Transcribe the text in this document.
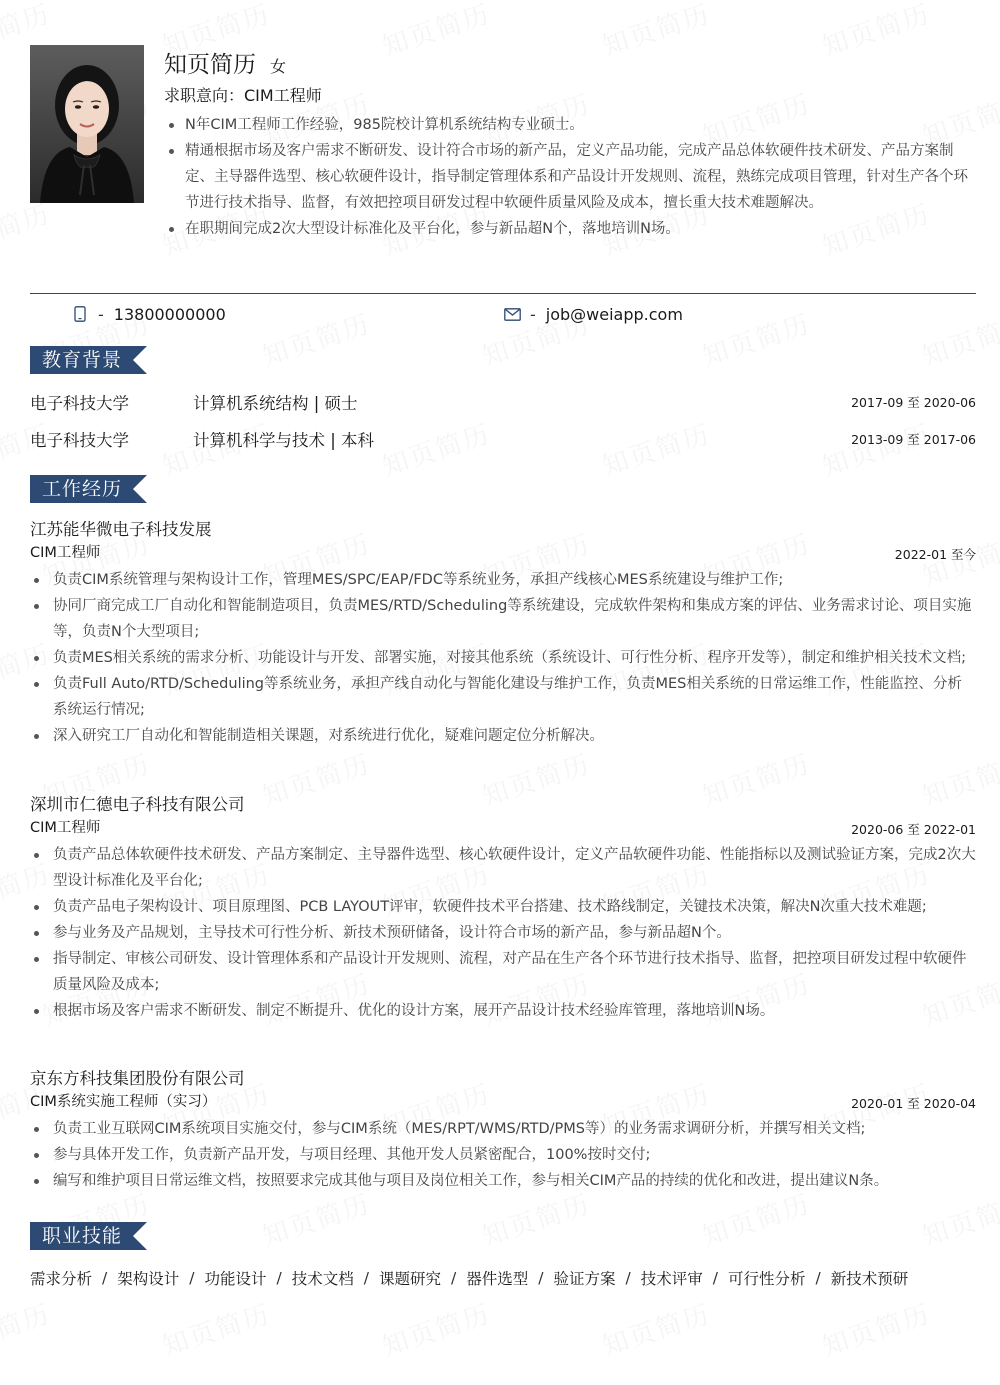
知页简历 女
求职意向：CIM工程师
N年CIM工程师工作经验，985院校计算机系统结构专业硕士。
精通根据市场及客户需求不断研发、设计符合市场的新产品，定义产品功能，完成产品总体软硬件技术研发、产品方案制定、主导器件选型、核心软硬件设计，指导制定管理体系和产品设计开发规则、流程，熟练完成项目管理，针对生产各个环节进行技术指导、监督，有效把控项目研发过程中软硬件质量风险及成本，擅长重大技术难题解决。
在职期间完成2次大型设计标准化及平台化，参与新品超N个，落地培训N场。
- 13800000000	- job@weiapp.com
教育背景
电子科技大学	计算机系统结构 | 硕士	2017-09 至 2020-06
电子科技大学	计算机科学与技术 | 本科	2013-09 至 2017-06
工作经历
江苏能华微电子科技发展
CIM工程师	2022-01 至今
负责CIM系统管理与架构设计工作，管理MES/SPC/EAP/FDC等系统业务，承担产线核心MES系统建设与维护工作;
协同厂商完成工厂自动化和智能制造项目，负责MES/RTD/Scheduling等系统建设，完成软件架构和集成方案的评估、业务需求讨论、项目实施等，负责N个大型项目;
负责MES相关系统的需求分析、功能设计与开发、部署实施，对接其他系统（系统设计、可行性分析、程序开发等），制定和维护相关技术文档;
负责Full Auto/RTD/Scheduling等系统业务，承担产线自动化与智能化建设与维护工作，负责MES相关系统的日常运维工作，性能监控、分析系统运行情况;
深入研究工厂自动化和智能制造相关课题，对系统进行优化，疑难问题定位分析解决。
深圳市仁德电子科技有限公司
CIM工程师	2020-06 至 2022-01
负责产品总体软硬件技术研发、产品方案制定、主导器件选型、核心软硬件设计，定义产品软硬件功能、性能指标以及测试验证方案，完成2次大型设计标准化及平台化;
负责产品电子架构设计、项目原理图、PCB LAYOUT评审，软硬件技术平台搭建、技术路线制定，关键技术决策，解决N次重大技术难题;
参与业务及产品规划，主导技术可行性分析、新技术预研储备，设计符合市场的新产品，参与新品超N个。
指导制定、审核公司研发、设计管理体系和产品设计开发规则、流程，对产品在生产各个环节进行技术指导、监督，把控项目研发过程中软硬件质量风险及成本;
根据市场及客户需求不断研发、制定不断提升、优化的设计方案，展开产品设计技术经验库管理，落地培训N场。
京东方科技集团股份有限公司
CIM系统实施工程师（实习）	2020-01 至 2020-04
负责工业互联网CIM系统项目实施交付，参与CIM系统（MES/RPT/WMS/RTD/PMS等）的业务需求调研分析，并撰写相关文档;
参与具体开发工作，负责新产品开发，与项目经理、其他开发人员紧密配合，100%按时交付;
编写和维护项目日常运维文档，按照要求完成其他与项目及岗位相关工作，参与相关CIM产品的持续的优化和改进，提出建议N条。
职业技能
需求分析 / 架构设计 / 功能设计 / 技术文档 / 课题研究 / 器件选型 / 验证方案 / 技术评审 / 可行性分析 / 新技术预研
